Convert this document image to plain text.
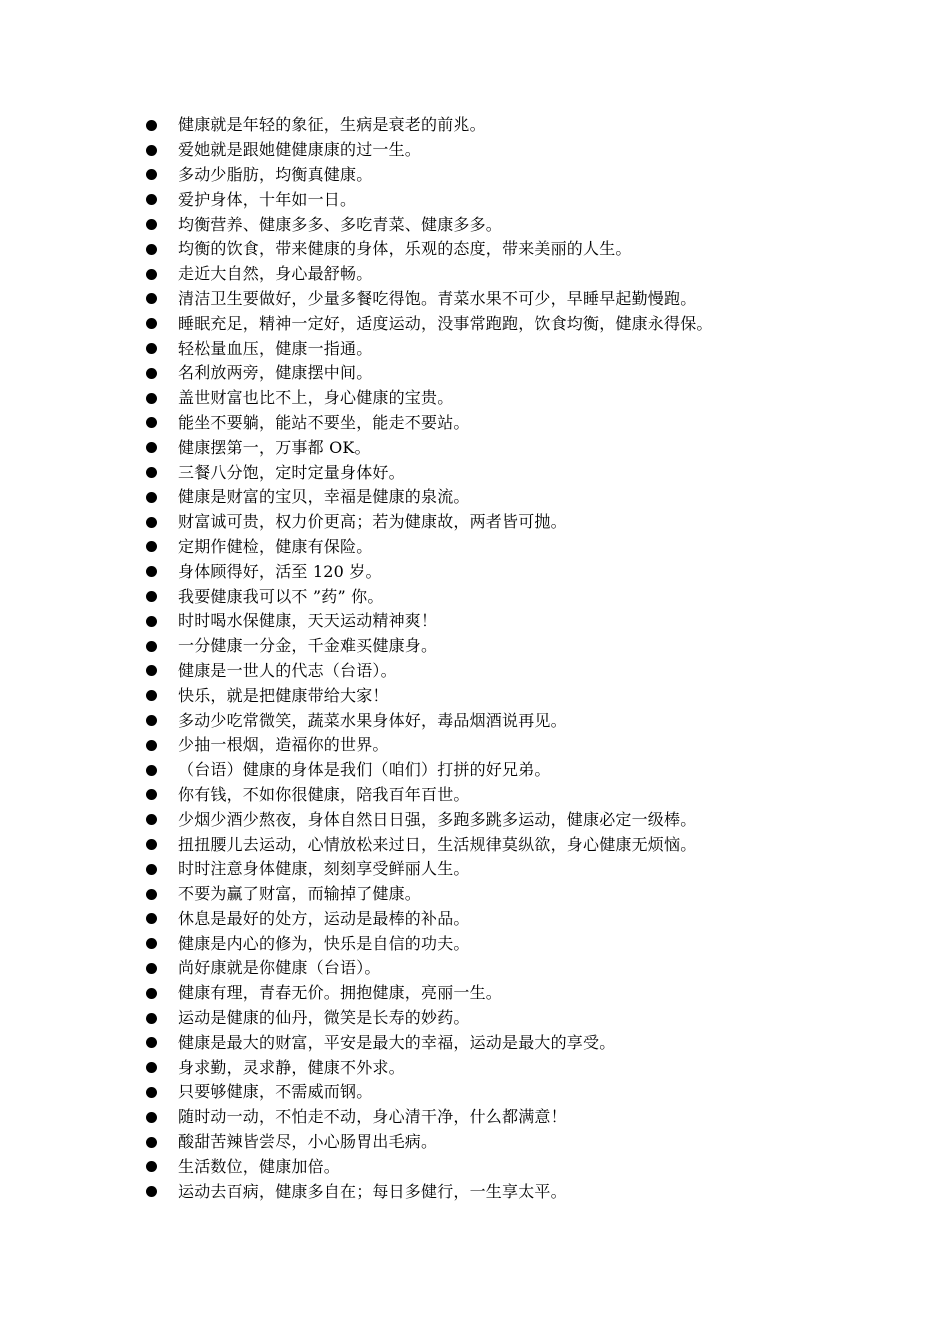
健康就是年轻的象征，生病是衰老的前兆。
爱她就是跟她健健康康的过一生。
多动少脂肪，均衡真健康。
爱护身体，十年如一日。
均衡营养、健康多多、多吃青菜、健康多多。
均衡的饮食，带来健康的身体，乐观的态度，带来美丽的人生。
走近大自然，身心最舒畅。
清洁卫生要做好，少量多餐吃得饱。青菜水果不可少，早睡早起勤慢跑。
睡眠充足，精神一定好，适度运动，没事常跑跑，饮食均衡，健康永得保。
轻松量血压，健康一指通。
名利放两旁，健康摆中间。
盖世财富也比不上，身心健康的宝贵。
能坐不要躺，能站不要坐，能走不要站。
健康摆第一，万事都 OK。
三餐八分饱，定时定量身体好。
健康是财富的宝贝，幸福是健康的泉流。
财富诚可贵，权力价更高；若为健康故，两者皆可抛。
定期作健检，健康有保险。
身体顾得好，活至 120 岁。
我要健康我可以不 ”药” 你。
时时喝水保健康，天天运动精神爽！
一分健康一分金，千金难买健康身。
健康是一世人的代志（台语）。
快乐，就是把健康带给大家！
多动少吃常微笑，蔬菜水果身体好，毒品烟酒说再见。
少抽一根烟，造福你的世界。
（台语）健康的身体是我们（咱们）打拼的好兄弟。
你有钱，不如你很健康，陪我百年百世。
少烟少酒少熬夜，身体自然日日强，多跑多跳多运动，健康必定一级棒。
扭扭腰儿去运动，心情放松来过日，生活规律莫纵欲，身心健康无烦恼。
时时注意身体健康，刻刻享受鲜丽人生。
不要为赢了财富，而输掉了健康。
休息是最好的处方，运动是最棒的补品。
健康是内心的修为，快乐是自信的功夫。
尚好康就是你健康（台语）。
健康有理，青春无价。拥抱健康，亮丽一生。
运动是健康的仙丹，微笑是长寿的妙药。
健康是最大的财富，平安是最大的幸福，运动是最大的享受。
身求勤，灵求静，健康不外求。
只要够健康，不需威而钢。
随时动一动，不怕走不动，身心清干净，什么都满意！
酸甜苦辣皆尝尽，小心肠胃出毛病。
生活数位，健康加倍。
运动去百病，健康多自在；每日多健行，一生享太平。
